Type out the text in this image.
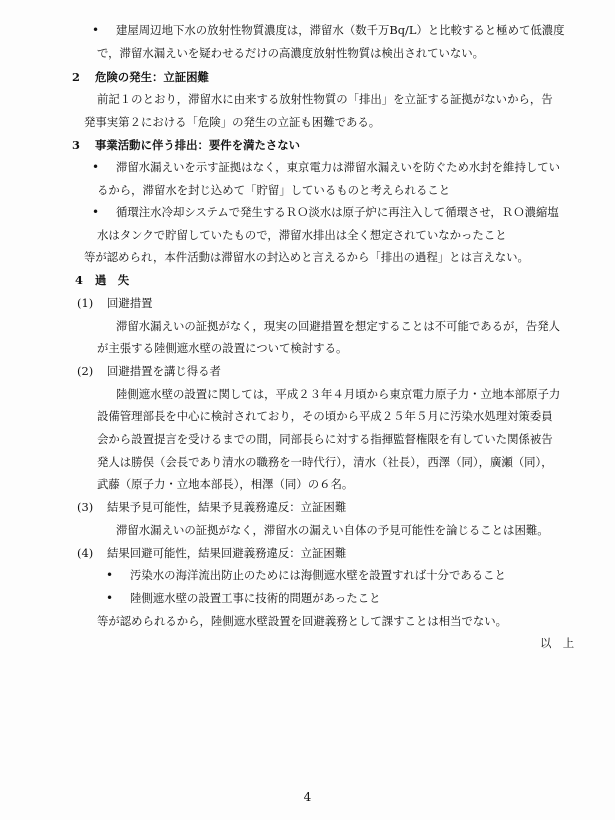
• 建屋周辺地下水の放射性物質濃度は，滞留水（数千万Bq/L）と比較すると極めて低濃度
で，滞留水漏えいを疑わせるだけの高濃度放射性物質は検出されていない。
2	危険の発生：立証困難
前記１のとおり，滞留水に由来する放射性物質の「排出」を立証する証拠がないから，告
発事実第２における「危険」の発生の立証も困難である。
3	事業活動に伴う排出：要件を満たさない
• 滞留水漏えいを示す証拠はなく，東京電力は滞留水漏えいを防ぐため水封を維持してい
るから，滞留水を封じ込めて「貯留」しているものと考えられること
• 循環注水冷却システムで発生するＲＯ淡水は原子炉に再注入して循環させ，ＲＯ濃縮塩
水はタンクで貯留していたもので，滞留水排出は全く想定されていなかったこと
等が認められ，本件活動は滞留水の封込めと言えるから「排出の過程」とは言えない。
4	過　失
(1)	回避措置
滞留水漏えいの証拠がなく，現実の回避措置を想定することは不可能であるが，告発人
が主張する陸側遮水壁の設置について検討する。
(2)	回避措置を講じ得る者
陸側遮水壁の設置に関しては，平成２３年４月頃から東京電力原子力・立地本部原子力
設備管理部長を中心に検討されており，その頃から平成２５年５月に汚染水処理対策委員
会から設置提言を受けるまでの間，同部長らに対する指揮監督権限を有していた関係被告
発人は勝俣（会長であり清水の職務を一時代行），清水（社長），西澤（同），廣瀬（同），
武藤（原子力・立地本部長），相澤（同）の６名。
(3)	結果予見可能性，結果予見義務違反：立証困難
滞留水漏えいの証拠がなく，滞留水の漏えい自体の予見可能性を論じることは困難。
(4)	結果回避可能性，結果回避義務違反：立証困難
• 汚染水の海洋流出防止のためには海側遮水壁を設置すれば十分であること
• 陸側遮水壁の設置工事に技術的問題があったこと
等が認められるから，陸側遮水壁設置を回避義務として課すことは相当でない。
以　上
4
